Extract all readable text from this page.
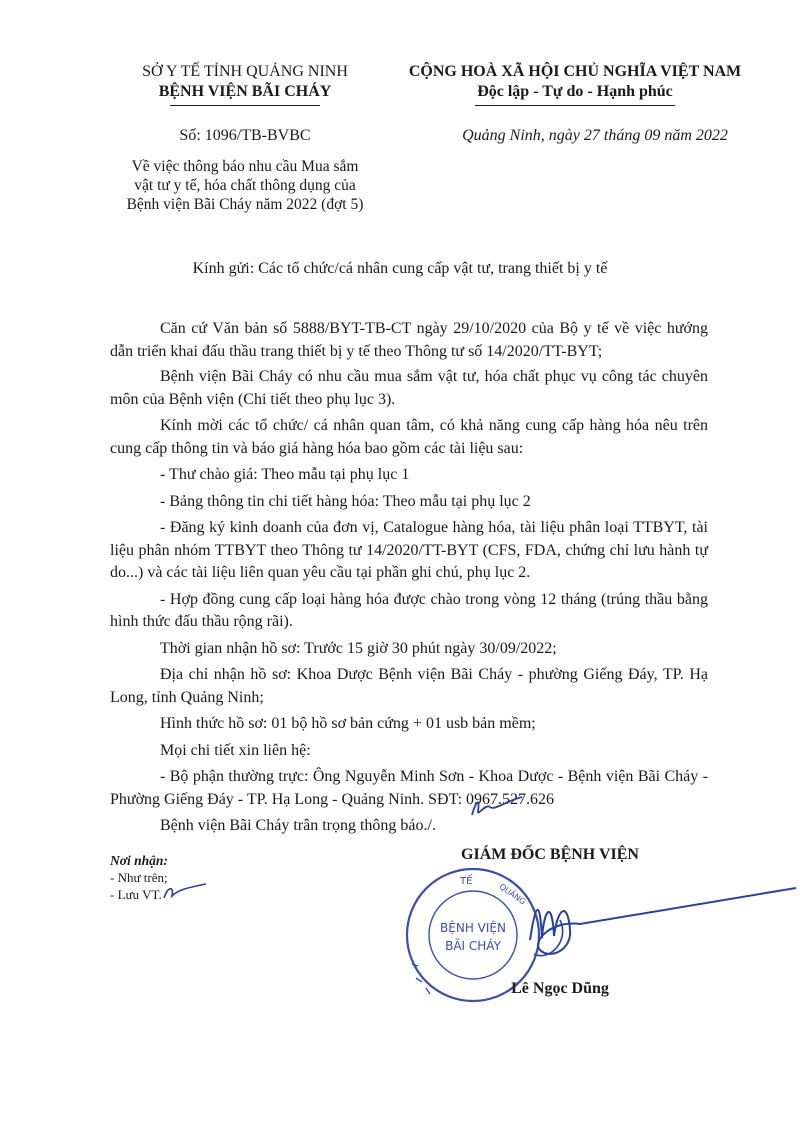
SỞ Y TẾ TỈNH QUẢNG NINH

BỆNH VIỆN BÃI CHÁY

CỘNG HOÀ XÃ HỘI CHỦ NGHĨA VIỆT NAM

Độc lập - Tự do - Hạnh phúc

Số: 1096/TB-BVBC	Quảng Ninh, ngày 27 tháng 09 năm 2022
Về việc thông báo nhu cầu Mua sắm
vật tư y tế, hóa chất thông dụng của
Bệnh viện Bãi Cháy năm 2022 (đợt 5)
Kính gửi: Các tổ chức/cá nhân cung cấp vật tư, trang thiết bị y tế

Căn cứ Văn bản số 5888/BYT-TB-CT ngày 29/10/2020 của Bộ y tế về việc hướng dẫn triển khai đấu thầu trang thiết bị y tế theo Thông tư số 14/2020/TT-BYT;

Bệnh viện Bãi Cháy có nhu cầu mua sắm vật tư, hóa chất phục vụ công tác chuyên môn của Bệnh viện (Chi tiết theo phụ lục 3).

Kính mời các tổ chức/ cá nhân quan tâm, có khả năng cung cấp hàng hóa nêu trên cung cấp thông tin và báo giá hàng hóa bao gồm các tài liệu sau:

- Thư chào giá: Theo mẫu tại phụ lục 1

- Bảng thông tin chi tiết hàng hóa: Theo mẫu tại phụ lục 2

- Đăng ký kinh doanh của đơn vị, Catalogue hàng hóa, tài liệu phân loại TTBYT, tài liệu phân nhóm TTBYT theo Thông tư 14/2020/TT-BYT (CFS, FDA, chứng chỉ lưu hành tự do...) và các tài liệu liên quan yêu cầu tại phần ghi chú, phụ lục 2.

- Hợp đồng cung cấp loại hàng hóa được chào trong vòng 12 tháng (trúng thầu bằng hình thức đấu thầu rộng rãi).

Thời gian nhận hồ sơ: Trước 15 giờ 30 phút ngày 30/09/2022;

Địa chỉ nhận hồ sơ: Khoa Dược Bệnh viện Bãi Cháy - phường Giếng Đáy, TP. Hạ Long, tỉnh Quảng Ninh;

Hình thức hồ sơ: 01 bộ hồ sơ bản cứng + 01 usb bản mềm;

Mọi chi tiết xin liên hệ:

- Bộ phận thường trực: Ông Nguyễn Minh Sơn - Khoa Dược - Bệnh viện Bãi Cháy - Phường Giếng Đáy - TP. Hạ Long - Quảng Ninh. SĐT: 0967.527.626

Bệnh viện Bãi Cháy trân trọng thông báo./.

Nơi nhận:
- Như trên;
- Lưu VT.
GIÁM ĐỐC BỆNH VIỆN
TẾ
QUẢNG
BỆNH VIỆN
BÃI CHÁY
Lê Ngọc Dũng
